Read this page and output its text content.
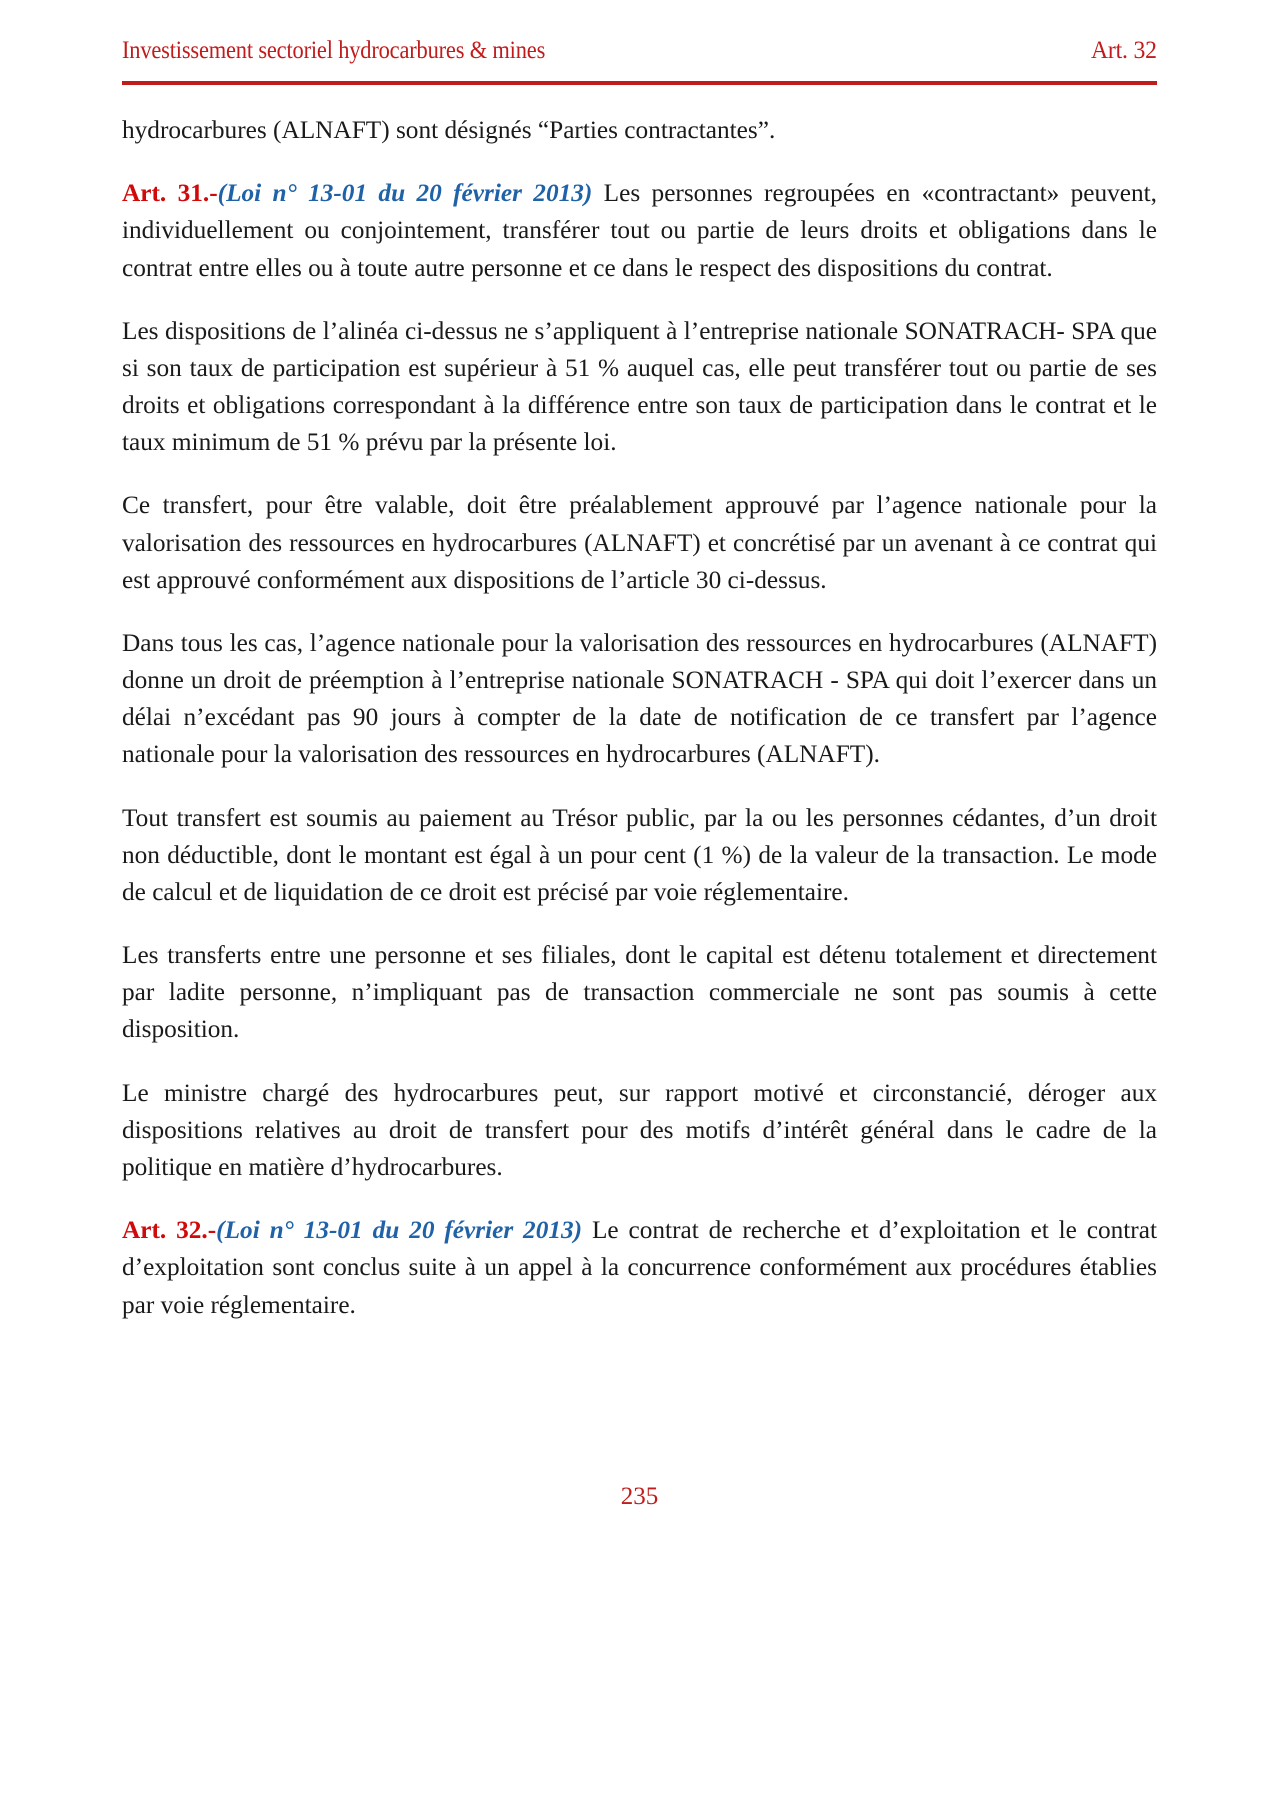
Investissement sectoriel hydrocarbures & mines	Art. 32

hydrocarbures (ALNAFT) sont désignés “Parties contractantes”.

Art. 31.-(Loi n° 13-01 du 20 février 2013) Les personnes regroupées en «contractant» peuvent, individuellement ou conjointement, transférer tout ou partie de leurs droits et obligations dans le contrat entre elles ou à toute autre personne et ce dans le respect des dispositions du contrat.

Les dispositions de l’alinéa ci-dessus ne s’appliquent à l’entreprise nationale SONATRACH- SPA que si son taux de participation est supérieur à 51 % auquel cas, elle peut transférer tout ou partie de ses droits et obligations correspondant à la différence entre son taux de participation dans le contrat et le taux minimum de 51 % prévu par la présente loi.

Ce transfert, pour être valable, doit être préalablement approuvé par l’agence nationale pour la valorisation des ressources en hydrocarbures (ALNAFT) et concrétisé par un avenant à ce contrat qui est approuvé conformément aux dispositions de l’article 30 ci-dessus.

Dans tous les cas, l’agence nationale pour la valorisation des ressources en hydrocarbures (ALNAFT) donne un droit de préemption à l’entreprise nationale SONATRACH - SPA qui doit l’exercer dans un délai n’excédant pas 90 jours à compter de la date de notification de ce transfert par l’agence nationale pour la valorisation des ressources en hydrocarbures (ALNAFT).

Tout transfert est soumis au paiement au Trésor public, par la ou les personnes cédantes, d’un droit non déductible, dont le montant est égal à un pour cent (1 %) de la valeur de la transaction. Le mode de calcul et de liquidation de ce droit est précisé par voie réglementaire.

Les transferts entre une personne et ses filiales, dont le capital est détenu totalement et directement par ladite personne, n’impliquant pas de transaction commerciale ne sont pas soumis à cette disposition.

Le ministre chargé des hydrocarbures peut, sur rapport motivé et circonstancié, déroger aux dispositions relatives au droit de transfert pour des motifs d’intérêt général dans le cadre de la politique en matière d’hydrocarbures.

Art. 32.-(Loi n° 13-01 du 20 février 2013) Le contrat de recherche et d’exploitation et le contrat d’exploitation sont conclus suite à un appel à la concurrence conformément aux procédures établies par voie réglementaire.

235
